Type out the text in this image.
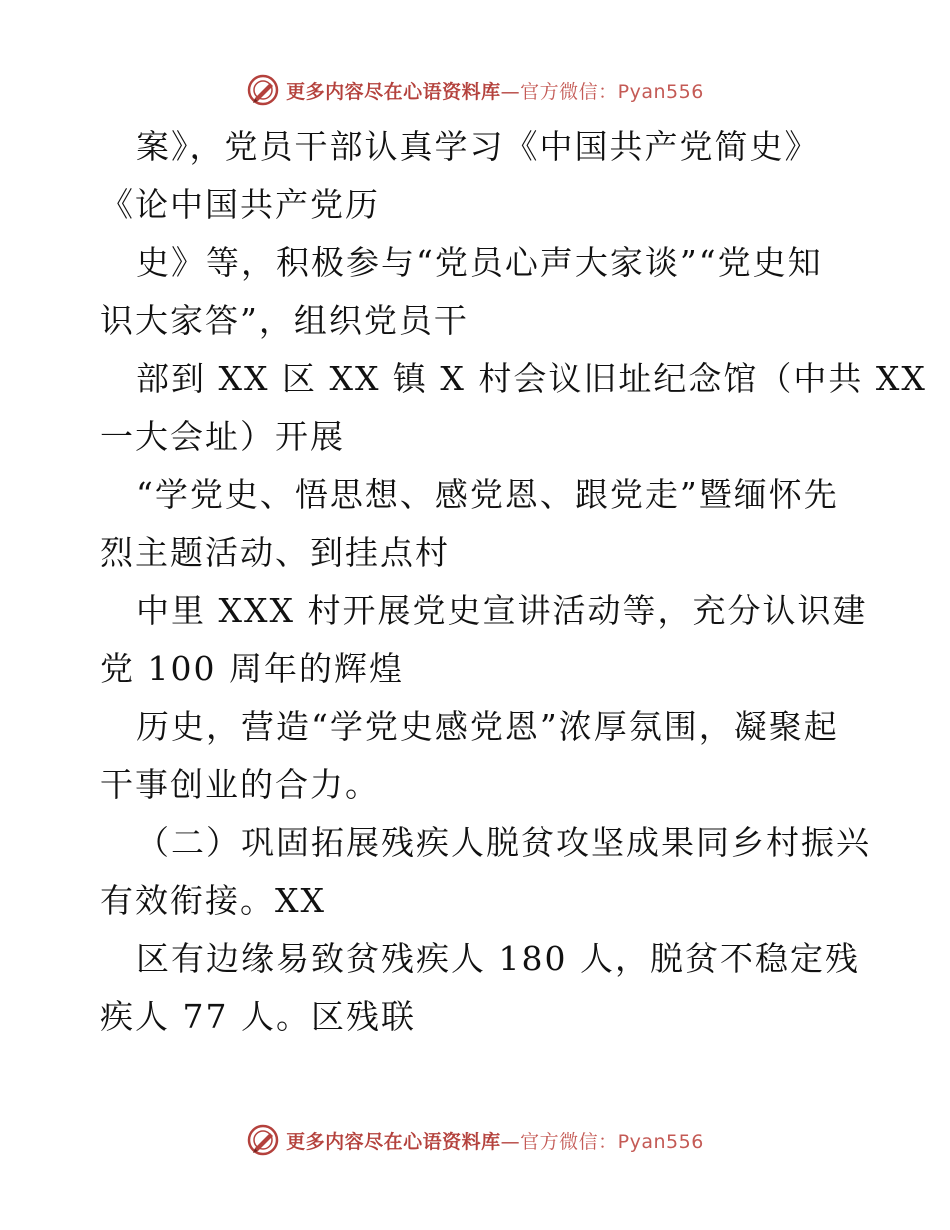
更多内容尽在心语资料库—官方微信：Pyan556
案》，党员干部认真学习《中国共产党简史》
《论中国共产党历
史》等，积极参与“党员心声大家谈”“党史知
识大家答”，组织党员干
部到 XX 区 XX 镇 X 村会议旧址纪念馆（中共 XX
一大会址）开展
“学党史、悟思想、感党恩、跟党走”暨缅怀先
烈主题活动、到挂点村
中里 XXX 村开展党史宣讲活动等，充分认识建
党 100 周年的辉煌
历史，营造“学党史感党恩”浓厚氛围，凝聚起
干事创业的合力。
（二）巩固拓展残疾人脱贫攻坚成果同乡村振兴
有效衔接。XX
区有边缘易致贫残疾人 180 人，脱贫不稳定残
疾人 77 人。区残联
更多内容尽在心语资料库—官方微信：Pyan556
